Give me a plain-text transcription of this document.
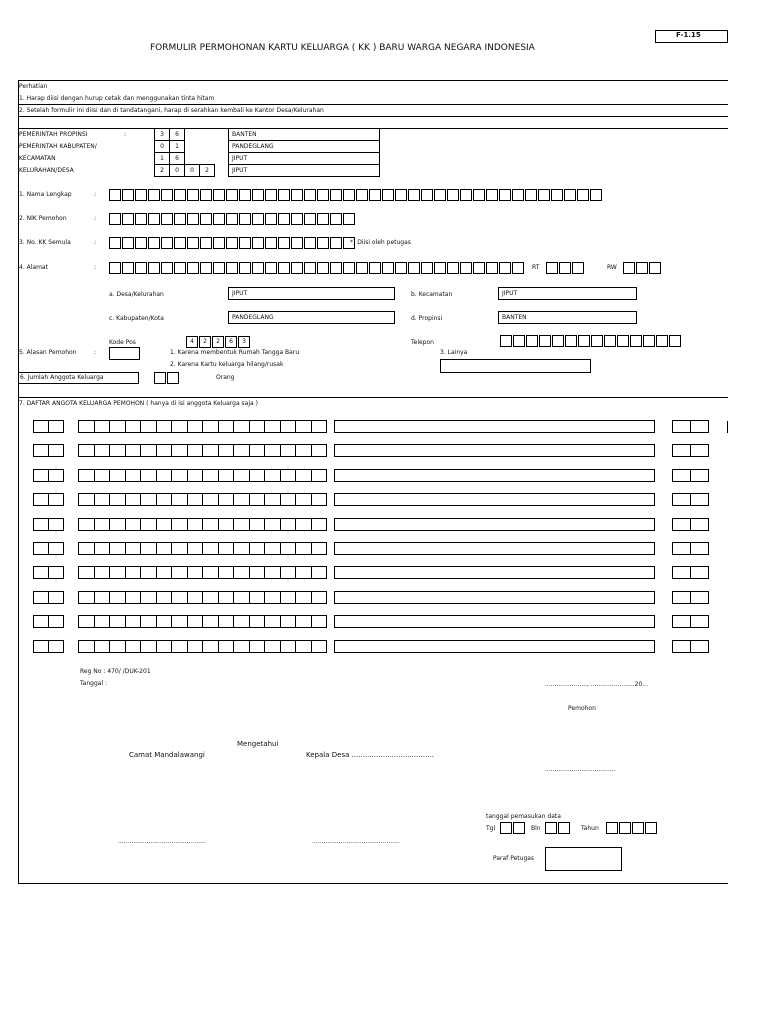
F-1.15
FORMULIR PERMOHONAN KARTU KELUARGA ( KK ) BARU WARGA NEGARA INDONESIA
Perhatian
1. Harap diisi dengan hurup cetak dan menggunakan tinta hitam
2. Setelah formulir ini diisi dan di tandatangani, harap di serahkan kembali ke Kantor Desa/Kelurahan
PEMERINTAH PROPINSI	:	3	6	BANTEN
PEMERINTAH KABUPATEN/	0	1	PANDEGLANG
KECAMATAN	1	6	JIPUT
KELURAHAN/DESA	2	0	0	2	JIPUT
1. Nama Lengkap	:
2. NIK Pemohon	:
3. No. KK Semula	:	*) Diisi oleh petugas
4. Alamat	:	RT	RW
a. Desa/Kelurahan	JIPUT	b. Kecamatan	JIPUT
c. Kabupaten/Kota	PANDEGLANG	d. Propinsi	BANTEN
Kode Pos	4	2	2	6	3	Telepon
5. Alasan Pemohon	:	1. Karena membentuk Rumah Tangga Baru
2. Karena Kartu keluarga hilang/rusak
3. Lainya
6. Jumlah Anggota Keluarga	Orang
7. DAFTAR ANGOTA KELUARGA PEMOHON ( hanya di isi anggota Keluarga saja )
Reg No : 470/ /DUK-201
Tanggal :	......................, .......................20...
Pemohon
Mengetahui
Camat Mandalawangi	Kepala Desa .....................................
.....................................
..............................................	..............................................
tanggal pemasukan data
Tgl	Bln	Tahun
Paraf Petugas
